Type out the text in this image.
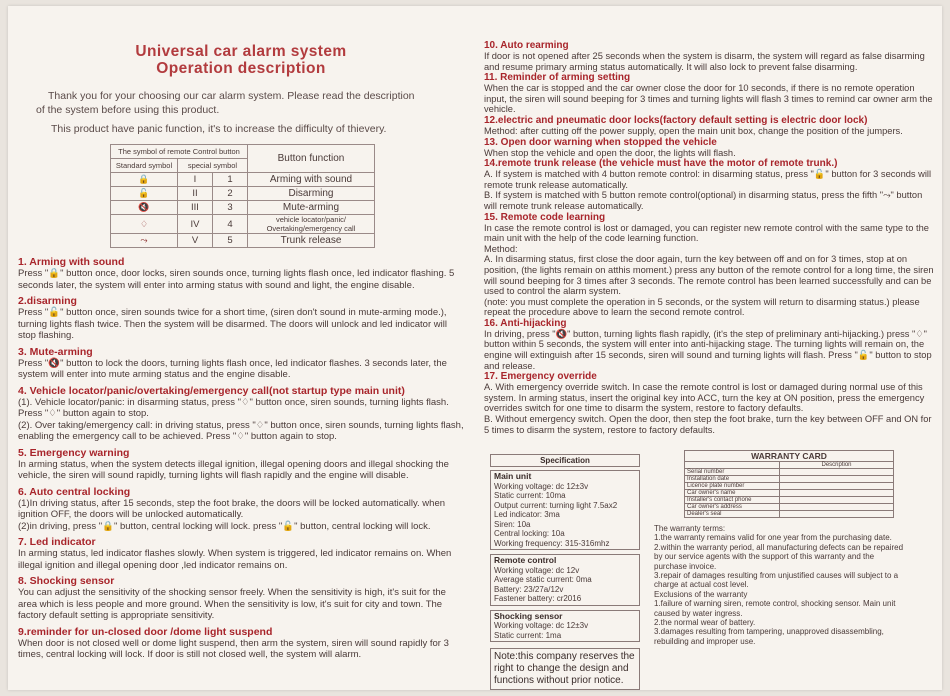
Universal car alarm system
Operation description
Thank you for your choosing our car alarm system. Please read the description
of the system before using this product.
This product have panic function, it's to increase the difficulty of thievery.
The symbol of remote Control button			Button function
Standard symbol	special symbol		
🔒	I	1	Arming with sound
🔓	II	2	Disarming
🔇	III	3	Mute-arming
♢	IV	4	vehicle locator/panic/ Overtaking/emergency call
⤳	V	5	Trunk release
1. Arming with sound
Press "🔒" button once, door locks, siren sounds once, turning lights flash once, led indicator flashing. 5 seconds later, the system will enter into arming status with sound and light, the engine disable.
2.disarming
Press "🔓" button once, siren sounds twice for a short time, (siren don't sound in mute-arming mode.), turning lights flash twice. Then the system will be disarmed. The doors will unlock and led indicator will stop flashing.
3. Mute-arming
Press "🔇" button to lock the doors, turning lights flash once, led indicator flashes. 3 seconds later, the system will enter into mute arming status and the engine disable.
4. Vehicle locator/panic/overtaking/emergency call(not startup type main unit)
(1). Vehicle locator/panic: in disarming status, press "♢" button once, siren sounds, turning lights flash. Press "♢" button again to stop.
(2). Over taking/emergency call: in driving status, press "♢" button once, siren sounds, turning lights flash, enabling the emergency call to be achieved. Press "♢" button again to stop.
5. Emergency warning
In arming status, when the system detects illegal ignition, illegal opening doors and illegal shocking the vehicle, the siren will sound rapidly, turning lights will flash rapidly and the engine will disable.
6. Auto central locking
(1)In driving status, after 15 seconds, step the foot brake, the doors will be locked automatically. when ignition OFF, the doors will be unlocked automatically.
(2)in driving, press "🔒" button, central locking will lock. press "🔓" button, central locking will lock.
7. Led indicator
In arming status, led indicator flashes slowly. When system is triggered, led indicator remains on. When illegal ignition and illegal opening door ,led indicator remains on.
8. Shocking sensor
You can adjust the sensitivity of the shocking sensor freely. When the sensitivity is high, it's suit for the area which is less people and more ground. When the sensitivity is low, it's suit for city and town. The factory default setting is appropriate sensitivity.
9.reminder for un-closed door /dome light suspend
When door is not closed well or dome light suspend, then arm the system, siren will sound rapidly for 3 times, central locking will lock. If door is still not closed well, the system will alarm.
10. Auto rearming
If door is not opened after 25 seconds when the system is disarm, the system will regard as false disarming and resume primary arming status automatically. It will also lock to prevent false disarming.
11. Reminder of arming setting
When the car is stopped and the car owner close the door for 10 seconds, if there is no remote operation input, the siren will sound beeping for 3 times and turning lights will flash 3 times to remind car owner arm the vehicle.
12.electric and pneumatic door locks(factory default setting is electric door lock)
Method: after cutting off the power supply, open the main unit box, change the position of the jumpers.
13. Open door warning when stopped the vehicle
When stop the vehicle and open the door, the lights will flash.
14.remote trunk release (the vehicle must have the motor of remote trunk.)
A. If system is matched with 4 button remote control: in disarming status, press "🔓" button for 3 seconds will remote trunk release automatically.
B. If system is matched with 5 button remote control(optional) in disarming status, press the fifth "⤳" button will remote trunk release automatically.
15. Remote code learning
In case the remote control is lost or damaged, you can register new remote control with the same type to the main unit with the help of the code learning function.
Method:
A. In disarming status, first close the door again, turn the key between off and on for 3 times, stop at on position, (the lights remain on atthis moment.) press any button of the remote control for a long time, the siren will sound beeping for 3 times after 3 seconds. The remote control has been learned successfully and can be used to control the alarm system.
(note: you must complete the operation in 5 seconds, or the system will return to disarming status.) please repeat the procedure above to learn the second remote control.
16. Anti-hijacking
In driving, press "🔇" button, turning lights flash rapidly, (it's the step of preliminary anti-hijacking.) press "♢" button within 5 seconds, the system will enter into anti-hijacking stage. The turning lights will remain on, the engine will extinguish after 15 seconds, siren will sound and turning lights will flash. Press "🔓" button to stop and release.
17. Emergency override
A. With emergency override switch. In case the remote control is lost or damaged during normal use of this system. In arming status, insert the original key into ACC, turn the key at ON position, press the emergency overrides switch for one time to disarm the system, restore to factory defaults.
B. Without emergency switch. Open the door, then step the foot brake, turn the key between OFF and ON for 5 times to disarm the system, restore to factory defaults.
Specification
Main unit
Working voltage: dc 12±3v
Static current: 10ma
Output current: turning light 7.5ax2
Led indicator: 3ma
Siren: 10a
Central locking: 10a
Working frequency: 315-316mhz
Remote control
Working voltage: dc 12v
Average static current: 0ma
Battery: 23/27a/12v
Fastener battery: cr2016
Shocking sensor
Working voltage: dc 12±3v
Static current: 1ma
Note:this company reserves the right to change the design and functions without prior notice.
WARRANTY CARD	
	Description
Serial number	
Installation date	
Licence plate number	
Car owner's name	
Installer's contact phone	
Car owner's address	
Dealer's seal	
The warranty terms:
1.the warranty remains valid for one year from the purchasing date.
2.within the warranty period, all manufacturing defects can be repaired by our service agents with the support of this warranty and the purchase invoice.
3.repair of damages resulting from unjustified causes will subject to a charge at actual cost level.
Exclusions of the warranty
1.failure of warning siren, remote control, shocking sensor. Main unit caused by water ingress.
2.the normal wear of battery.
3.damages resulting from tampering, unapproved disassembling, rebuilding and improper use.
